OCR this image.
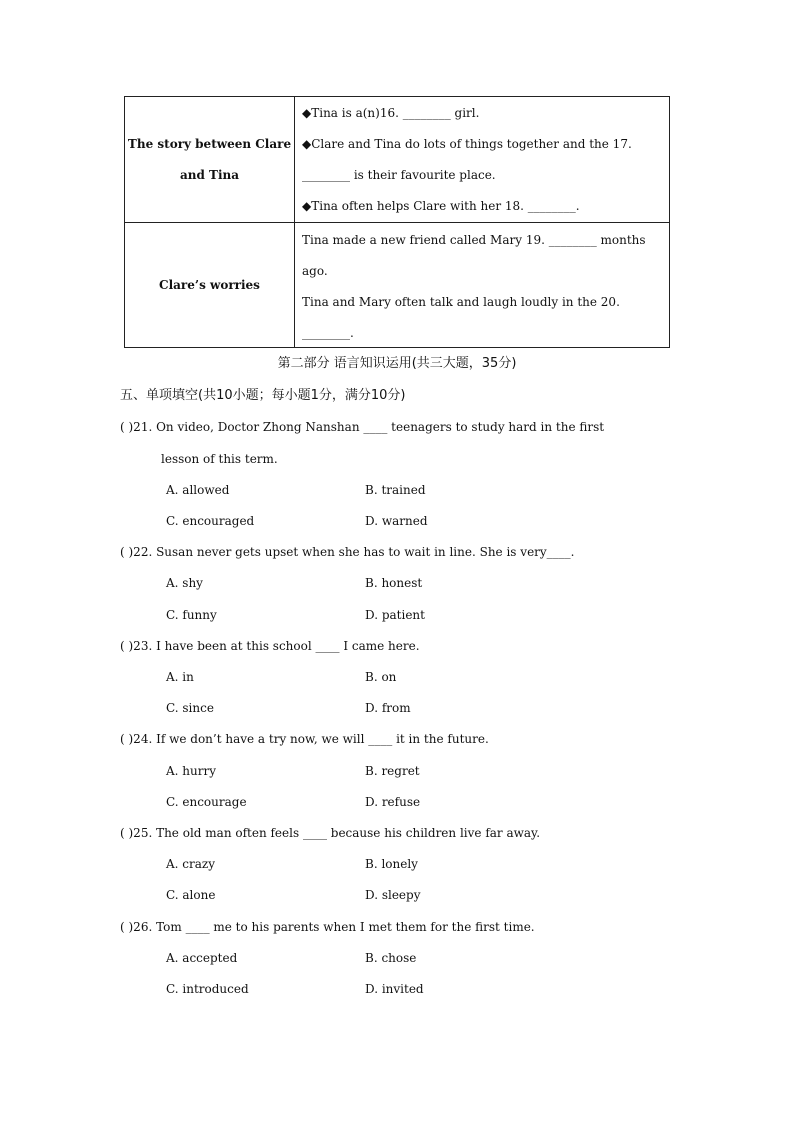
The story between Clare
and Tina
◆Tina is a(n)16. ________ girl.
◆Clare and Tina do lots of things together and the 17.
________ is their favourite place.
◆Tina often helps Clare with her 18. ________.
Clare’s worries
Tina made a new friend called Mary 19. ________ months
ago.
Tina and Mary often talk and laugh loudly in the 20.
________.
第二部分 语言知识运用(共三大题，35分)
五、单项填空(共10小题；每小题1分，满分10分)
( )21. On video, Doctor Zhong Nanshan ____ teenagers to study hard in the first
lesson of this term.
A. allowed	B. trained
C. encouraged	D. warned
( )22. Susan never gets upset when she has to wait in line. She is very____.
A. shy	B. honest
C. funny	D. patient
( )23. I have been at this school ____ I came here.
A. in	B. on
C. since	D. from
( )24. If we don’t have a try now, we will ____ it in the future.
A. hurry	B. regret
C. encourage	D. refuse
( )25. The old man often feels ____ because his children live far away.
A. crazy	B. lonely
C. alone	D. sleepy
( )26. Tom ____ me to his parents when I met them for the first time.
A. accepted	B. chose
C. introduced	D. invited
